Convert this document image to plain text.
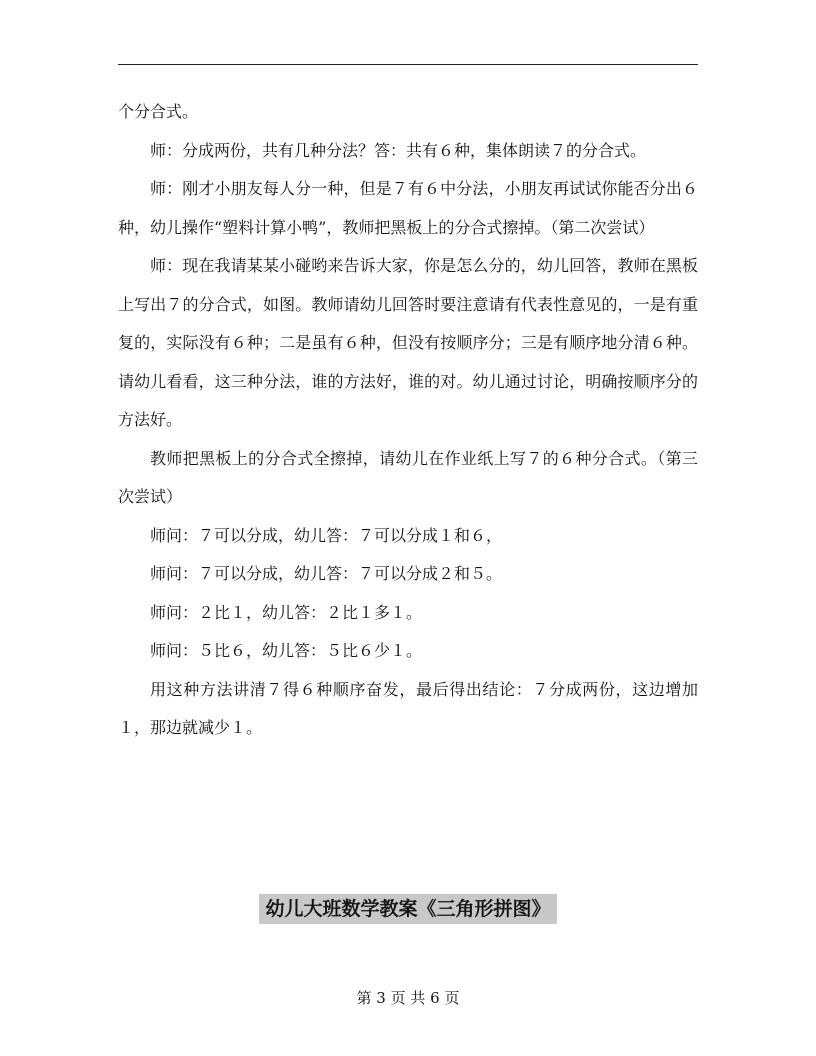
个分合式。

师：分成两份，共有几种分法？答：共有６种，集体朗读７的分合式。

师：刚才小朋友每人分一种，但是７有６中分法，小朋友再试试你能否分出６种，幼儿操作“塑料计算小鸭”，教师把黑板上的分合式擦掉。（第二次尝试）

师：现在我请某某小碰哟来告诉大家，你是怎么分的，幼儿回答，教师在黑板上写出７的分合式，如图。教师请幼儿回答时要注意请有代表性意见的，一是有重复的，实际没有６种；二是虽有６种，但没有按顺序分；三是有顺序地分清６种。请幼儿看看，这三种分法，谁的方法好，谁的对。幼儿通过讨论，明确按顺序分的方法好。

教师把黑板上的分合式全擦掉，请幼儿在作业纸上写７的６种分合式。（第三次尝试）

师问：７可以分成，幼儿答：７可以分成１和６，

师问：７可以分成，幼儿答：７可以分成２和５。

师问：２比１，幼儿答：２比１多１。

师问：５比６，幼儿答：５比６少１。

用这种方法讲清７得６种顺序奋发，最后得出结论：７分成两份，这边增加１，那边就减少１。

幼儿大班数学教案《三角形拼图》
第 3 页 共 6 页
